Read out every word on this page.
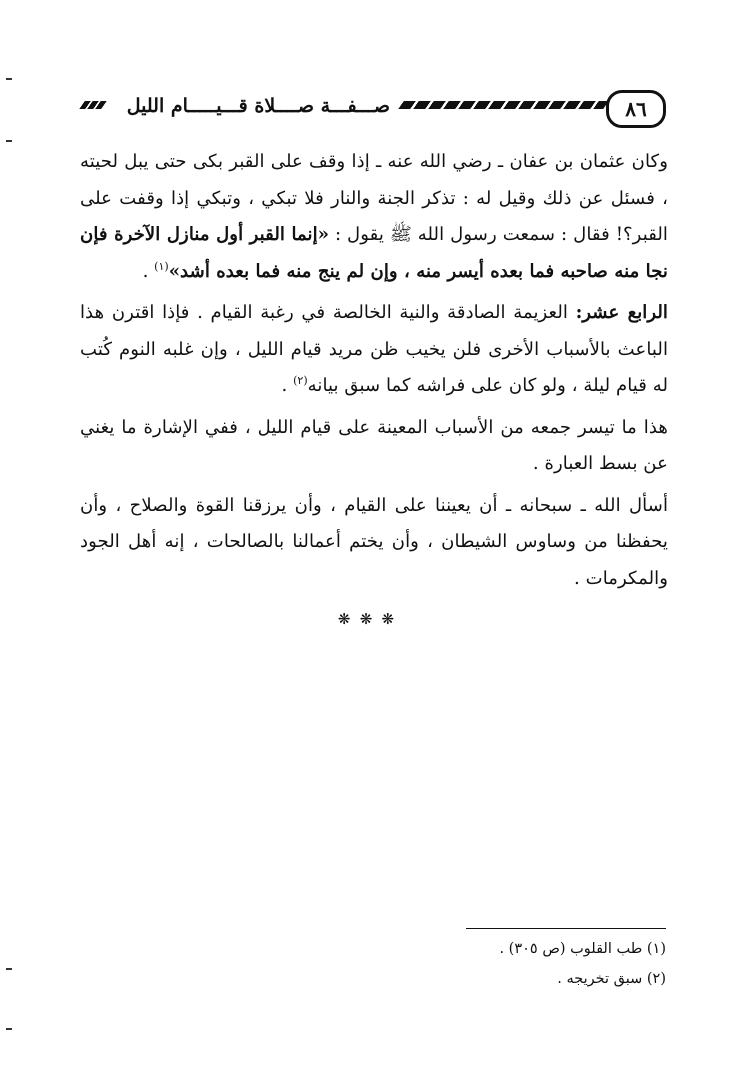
صـــفـــة صــــلاة قـــيـــــام الليل	٨٦

وكان عثمان بن عفان ـ رضي الله عنه ـ إذا وقف على القبر بكى حتى يبل لحيته ، فسئل عن ذلك وقيل له : تذكر الجنة والنار فلا تبكي ، وتبكي إذا وقفت على القبر؟! فقال : سمعت رسول الله ﷺ يقول : «إنما القبر أول منازل الآخرة فإن نجا منه صاحبه فما بعده أيسر منه ، وإن لم ينج منه فما بعده أشد»$^{(١)}$ .

الرابع عشر: العزيمة الصادقة والنية الخالصة في رغبة القيام . فإذا اقترن هذا الباعث بالأسباب الأخرى فلن يخيب ظن مريد قيام الليل ، وإن غلبه النوم كُتب له قيام ليلة ، ولو كان على فراشه كما سبق بيانه$^{(٢)}$ .

هذا ما تيسر جمعه من الأسباب المعينة على قيام الليل ، ففي الإشارة ما يغني عن بسط العبارة .

أسأل الله ـ سبحانه ـ أن يعيننا على القيام ، وأن يرزقنا القوة والصلاح ، وأن يحفظنا من وساوس الشيطان ، وأن يختم أعمالنا بالصالحات ، إنه أهل الجود والمكرمات .

❋ ❋ ❋

(١) طب القلوب (ص ٣٠٥) .

(٢) سبق تخريجه .
